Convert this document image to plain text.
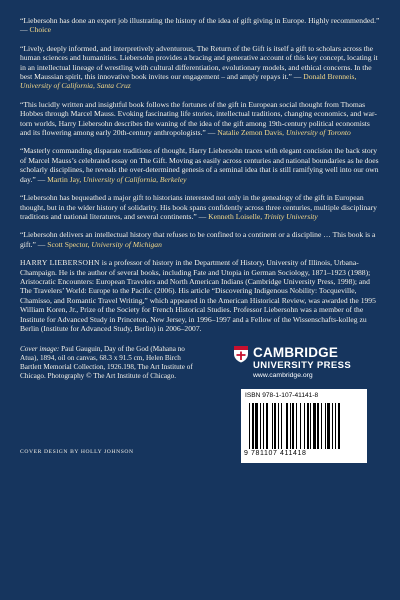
“Liebersohn has done an expert job illustrating the history of the idea of gift giving in Europe. Highly recommended.” — Choice

“Lively, deeply informed, and interpretively adventurous, The Return of the Gift is itself a gift to scholars across the human sciences and humanities. Liebersohn provides a bracing and generative account of this key concept, locating it in an intellectual lineage of wrestling with cultural differentiation, evolutionary models, and ethical concerns. In the best Maussian spirit, this innovative book invites our engagement – and amply repays it.” — Donald Brenneis, University of California, Santa Cruz

“This lucidly written and insightful book follows the fortunes of the gift in European social thought from Thomas Hobbes through Marcel Mauss. Evoking fascinating life stories, intellectual traditions, changing economics, and war-torn worlds, Harry Liebersohn describes the waning of the idea of the gift among 19th-century political economists and its flowering among early 20th-century anthropologists.” — Natalie Zemon Davis, University of Toronto

“Masterly commanding disparate traditions of thought, Harry Liebersohn traces with elegant concision the back story of Marcel Mauss’s celebrated essay on The Gift. Moving as easily across centuries and national boundaries as he does scholarly disciplines, he reveals the over-determined genesis of a seminal idea that is still ramifying well into our own day.” — Martin Jay, University of California, Berkeley

“Liebersohn has bequeathed a major gift to historians interested not only in the genealogy of the gift in European thought, but in the wider history of solidarity. His book spans confidently across three centuries, multiple disciplinary traditions and national literatures, and several continents.” — Kenneth Loiselle, Trinity University

“Liebersohn delivers an intellectual history that refuses to be confined to a continent or a discipline … This book is a gift.” — Scott Spector, University of Michigan

HARRY LIEBERSOHN is a professor of history in the Department of History, University of Illinois, Urbana-Champaign. He is the author of several books, including Fate and Utopia in German Sociology, 1871–1923 (1988); Aristocratic Encounters: European Travelers and North American Indians (Cambridge University Press, 1998); and The Travelers’ World: Europe to the Pacific (2006). His article “Discovering Indigenous Nobility: Tocqueville, Chamisso, and Romantic Travel Writing,” which appeared in the American Historical Review, was awarded the 1995 William Koren, Jr., Prize of the Society for French Historical Studies. Professor Liebersohn was a member of the Institute for Advanced Study in Princeton, New Jersey, in 1996–1997 and a Fellow of the Wissenschafts-kolleg zu Berlin (Institute for Advanced Study, Berlin) in 2006–2007.

Cover image: Paul Gauguin, Day of the God (Mahana no Atua), 1894, oil on canvas, 68.3 x 91.5 cm, Helen Birch Bartlett Memorial Collection, 1926.198, The Art Institute of Chicago. Photography © The Art Institute of Chicago.
COVER DESIGN BY HOLLY JOHNSON
CAMBRIDGE
UNIVERSITY PRESS
www.cambridge.org
ISBN 978-1-107-41141-8
9 781107 411418
